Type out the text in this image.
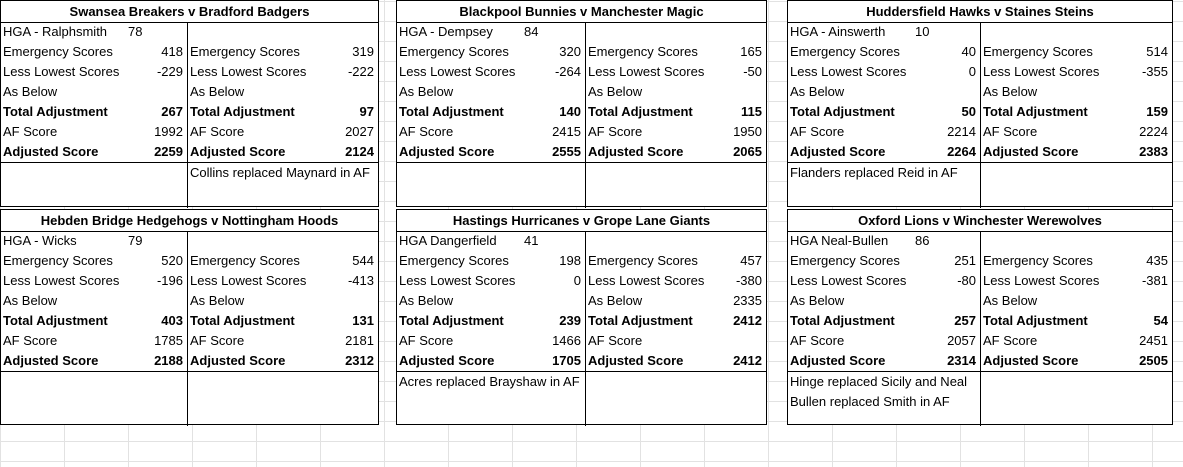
Swansea Breakers v Bradford Badgers
HGA - Ralphsmith	78
Emergency Scores	418 Emergency Scores	319
Less Lowest Scores	-229 Less Lowest Scores	-222
As Below	As Below
Total Adjustment	267 Total Adjustment	97
AF Score	1992 AF Score	2027
Adjusted Score	2259 Adjusted Score	2124
Collins replaced Maynard in AF
Blackpool Bunnies v Manchester Magic
HGA - Dempsey	84
Emergency Scores	320 Emergency Scores	165
Less Lowest Scores	-264 Less Lowest Scores	-50
As Below	As Below
Total Adjustment	140 Total Adjustment	115
AF Score	2415 AF Score	1950
Adjusted Score	2555 Adjusted Score	2065
Huddersfield Hawks v Staines Steins
HGA - Ainswerth	10
Emergency Scores	40 Emergency Scores	514
Less Lowest Scores	0 Less Lowest Scores	-355
As Below	As Below
Total Adjustment	50 Total Adjustment	159
AF Score	2214 AF Score	2224
Adjusted Score	2264 Adjusted Score	2383
Flanders replaced Reid in AF
Hebden Bridge Hedgehogs v Nottingham Hoods
HGA - Wicks	79
Emergency Scores	520 Emergency Scores	544
Less Lowest Scores	-196 Less Lowest Scores	-413
As Below	As Below
Total Adjustment	403 Total Adjustment	131
AF Score	1785 AF Score	2181
Adjusted Score	2188 Adjusted Score	2312
Hastings Hurricanes v Grope Lane Giants
HGA Dangerfield	41
Emergency Scores	198 Emergency Scores	457
Less Lowest Scores	0 Less Lowest Scores	-380
As Below	As Below	2335
Total Adjustment	239 Total Adjustment	2412
AF Score	1466 AF Score
Adjusted Score	1705 Adjusted Score	2412
Acres replaced Brayshaw in AF
Oxford Lions v Winchester Werewolves
HGA Neal-Bullen	86
Emergency Scores	251 Emergency Scores	435
Less Lowest Scores	-80 Less Lowest Scores	-381
As Below	As Below
Total Adjustment	257 Total Adjustment	54
AF Score	2057 AF Score	2451
Adjusted Score	2314 Adjusted Score	2505
Hinge replaced Sicily and Neal Bullen replaced Smith in AF
